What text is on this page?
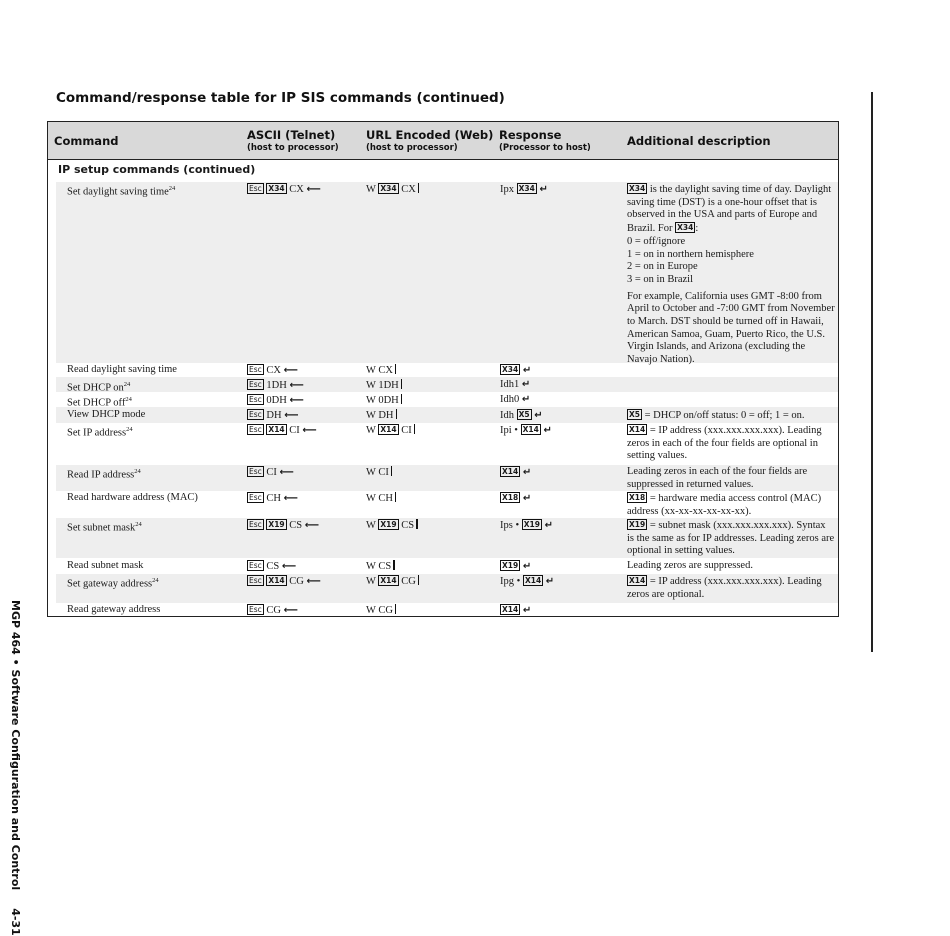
Command/response table for IP SIS commands (continued)
MGP 464 • Software Configuration and Control4-31
Command	ASCII (Telnet)
(host to processor)
URL Encoded (Web)
(host to processor)
Response
(Processor to host)	Additional description
IP setup commands (continued)
Set daylight saving time$^{24}$	Esc X34 CX ⟵	W X34 CX	Ipx X34 ↵	X34 is the daylight saving time of day. Daylight saving time (DST) is a one-hour offset that is observed in the USA and parts of Europe and Brazil. For X34 :
0 = off/ignore
1 = on in northern hemisphere
2 = on in Europe
3 = on in Brazil
For example, California uses GMT -8:00 from April to October and -7:00 GMT from November to March. DST should be turned off in Hawaii, American Samoa, Guam, Puerto Rico, the U.S. Virgin Islands, and Arizona (excluding the Navajo Nation).
Read daylight saving time	Esc CX ⟵	W CX	X34 ↵
Set DHCP $on^{24}$	Esc 1DH ⟵	W 1DH	Idh1 ↵
Set DHCP off$^{24}$	Esc 0DH ⟵	W 0DH	Idh0 ↵
View DHCP mode	Esc DH ⟵	W DH	Idh X5 ↵	X5 = DHCP on/off status: 0 = off; 1 = on.
Set IP address$^{24}$	Esc X14 CI ⟵	W X14 CI	Ipi • X14 ↵	X14 = IP address (xxx.xxx.xxx.xxx). Leading zeros in each of the four fields are optional in setting values.
Read IP address$^{24}$	Esc CI ⟵	W CI	X14 ↵	Leading zeros in each of the four fields are suppressed in returned values.
Read hardware address (MAC)	Esc CH ⟵	W CH	X18 ↵	X18 = hardware media access control (MAC) address (xx-xx-xx-xx-xx-xx).
Set subnet mask$^{24}$	Esc X19 CS ⟵	W X19 CS	Ips • X19 ↵	X19 = subnet mask (xxx.xxx.xxx.xxx). Syntax is the same as for IP addresses. Leading zeros are optional in setting values.
Read subnet mask	Esc CS ⟵	W CS	X19 ↵	Leading zeros are suppressed.
Set gateway address$^{24}$	Esc X14 CG ⟵	W X14 CG	Ipg • X14 ↵	X14 = IP address (xxx.xxx.xxx.xxx). Leading zeros are optional.
Read gateway address	Esc CG ⟵	W CG	X14 ↵
